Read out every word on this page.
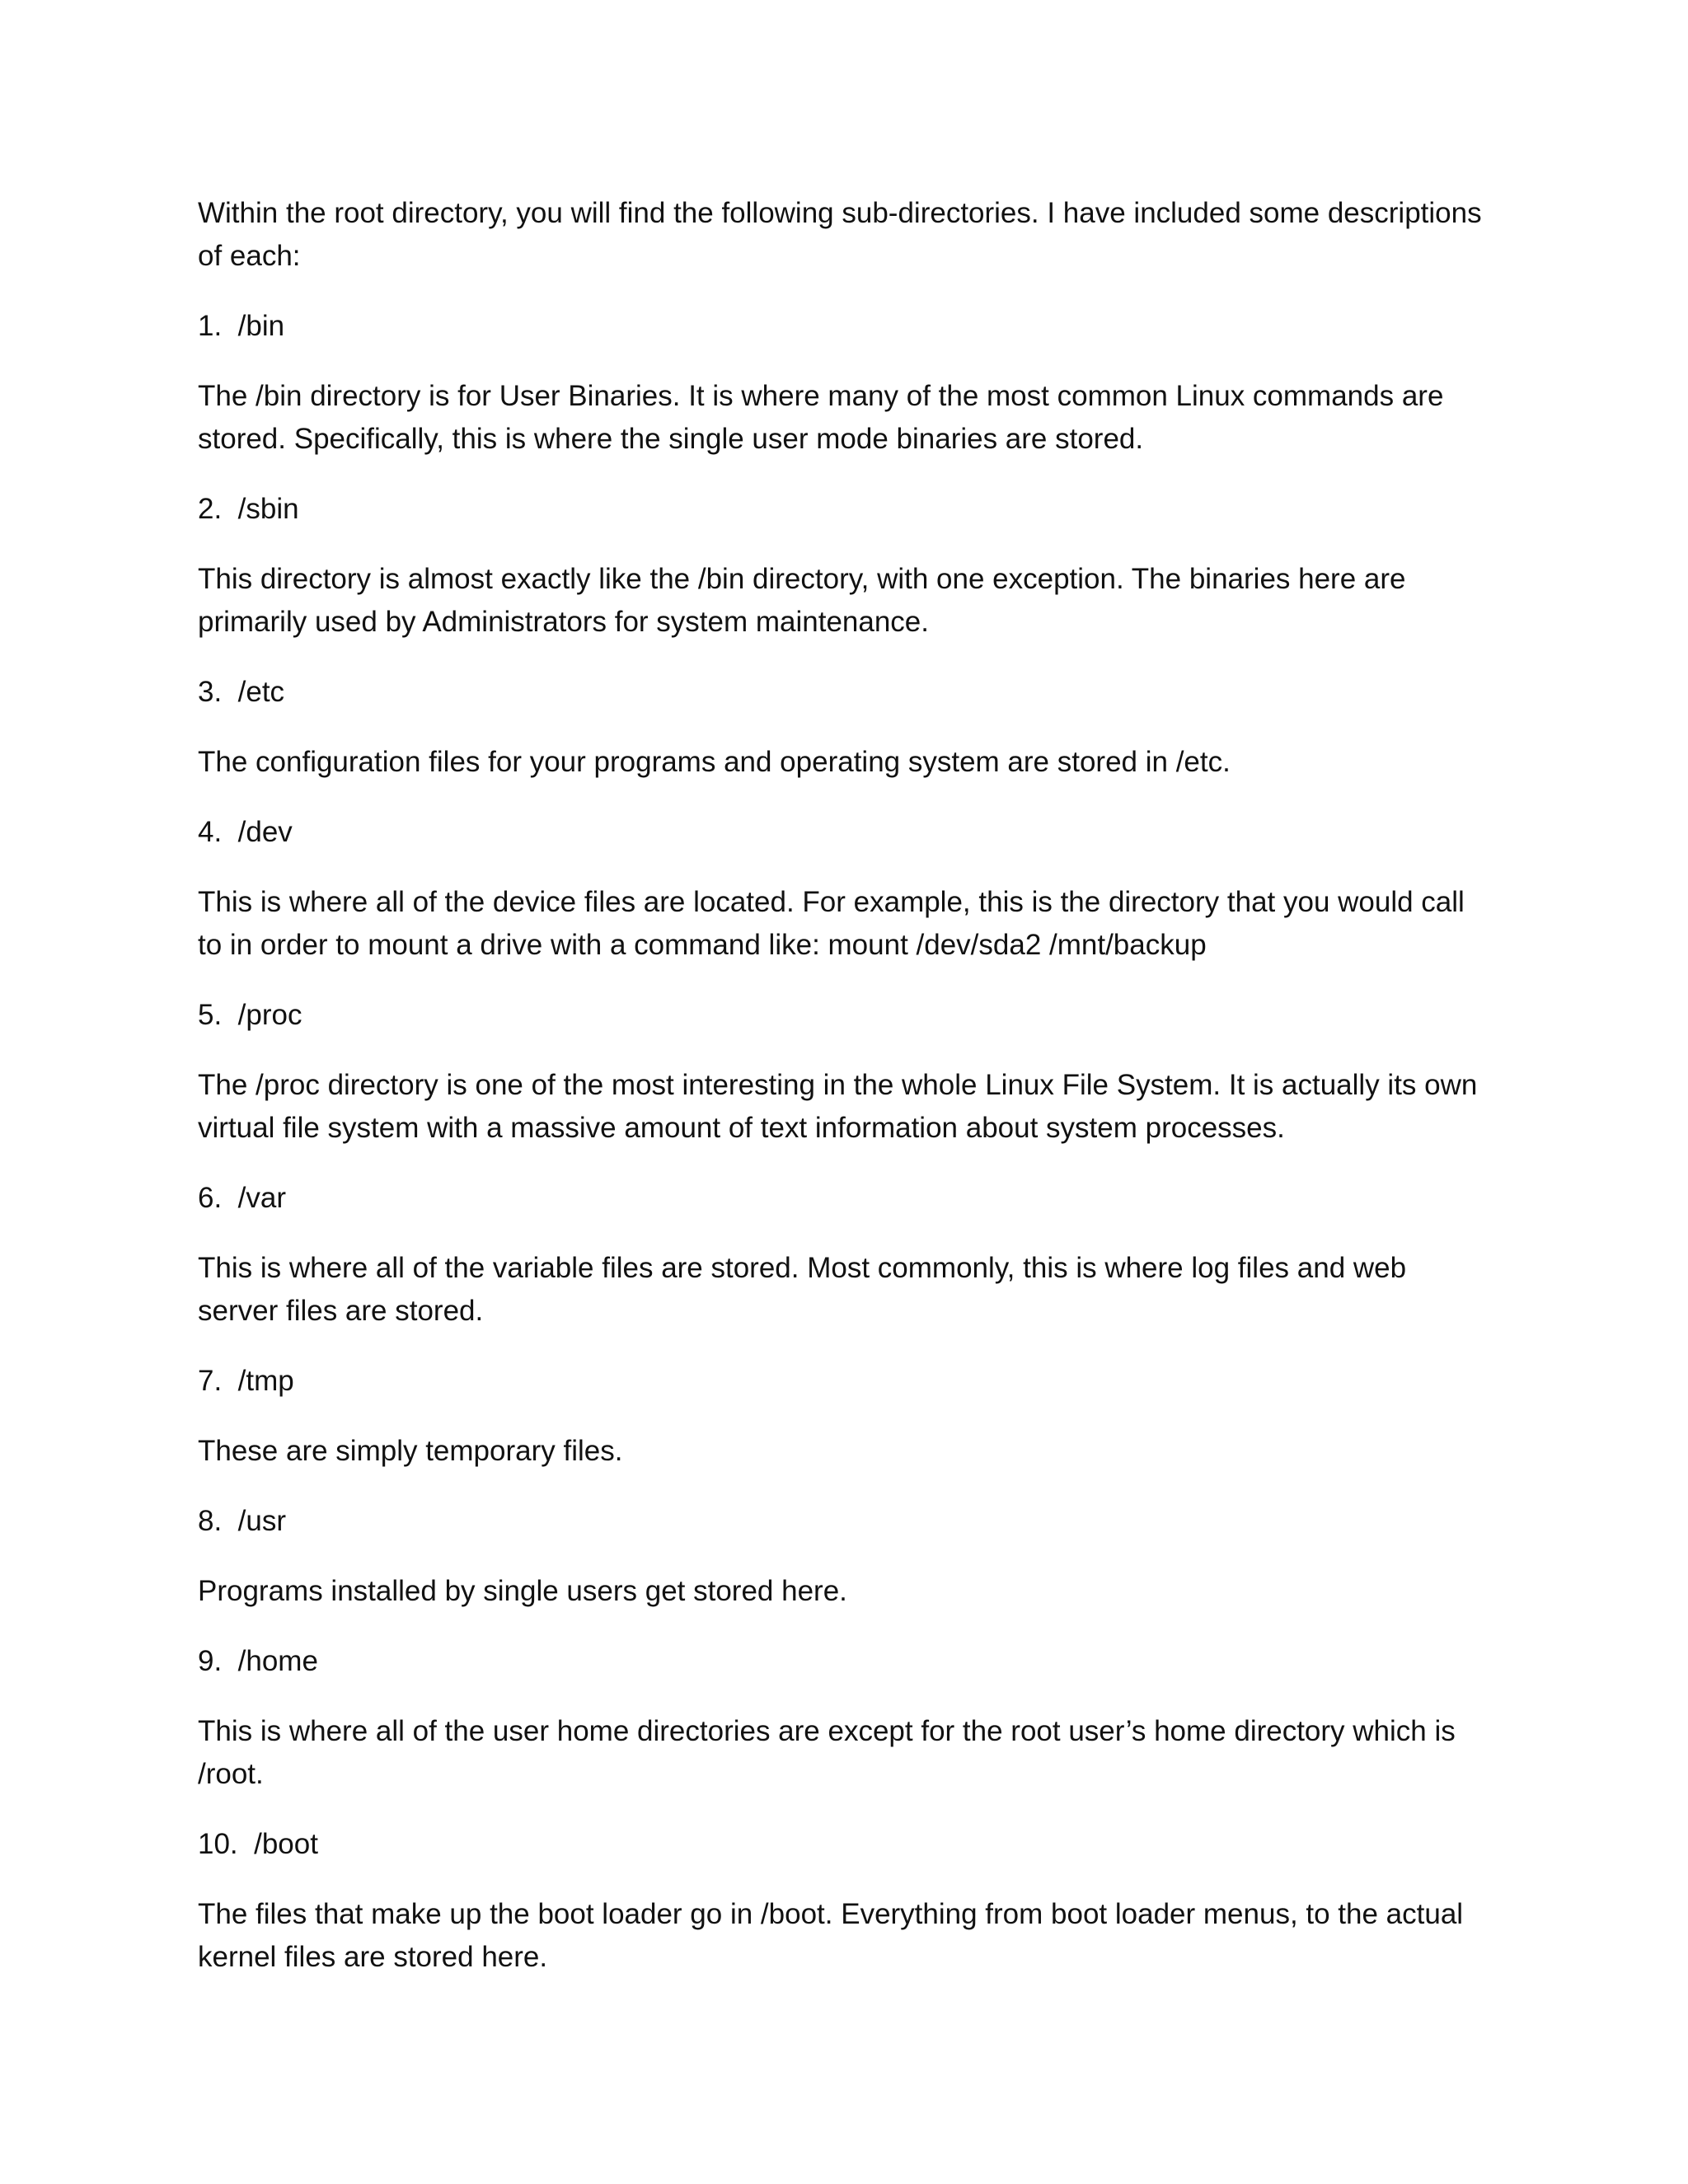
Within the root directory, you will find the following sub-directories. I have included some descriptions of each:

1.  /bin

The /bin directory is for User Binaries. It is where many of the most common Linux commands are stored. Specifically, this is where the single user mode binaries are stored.

2.  /sbin

This directory is almost exactly like the /bin directory, with one exception. The binaries here are primarily used by Administrators for system maintenance.

3.  /etc

The configuration files for your programs and operating system are stored in /etc.

4.  /dev

This is where all of the device files are located. For example, this is the directory that you would call to in order to mount a drive with a command like: mount /dev/sda2 /mnt/backup

5.  /proc

The /proc directory is one of the most interesting in the whole Linux File System. It is actually its own virtual file system with a massive amount of text information about system processes.

6.  /var

This is where all of the variable files are stored. Most commonly, this is where log files and web server files are stored.

7.  /tmp

These are simply temporary files.

8.  /usr

Programs installed by single users get stored here.

9.  /home

This is where all of the user home directories are except for the root user’s home directory which is /root.

10.  /boot

The files that make up the boot loader go in /boot. Everything from boot loader menus, to the actual kernel files are stored here.
